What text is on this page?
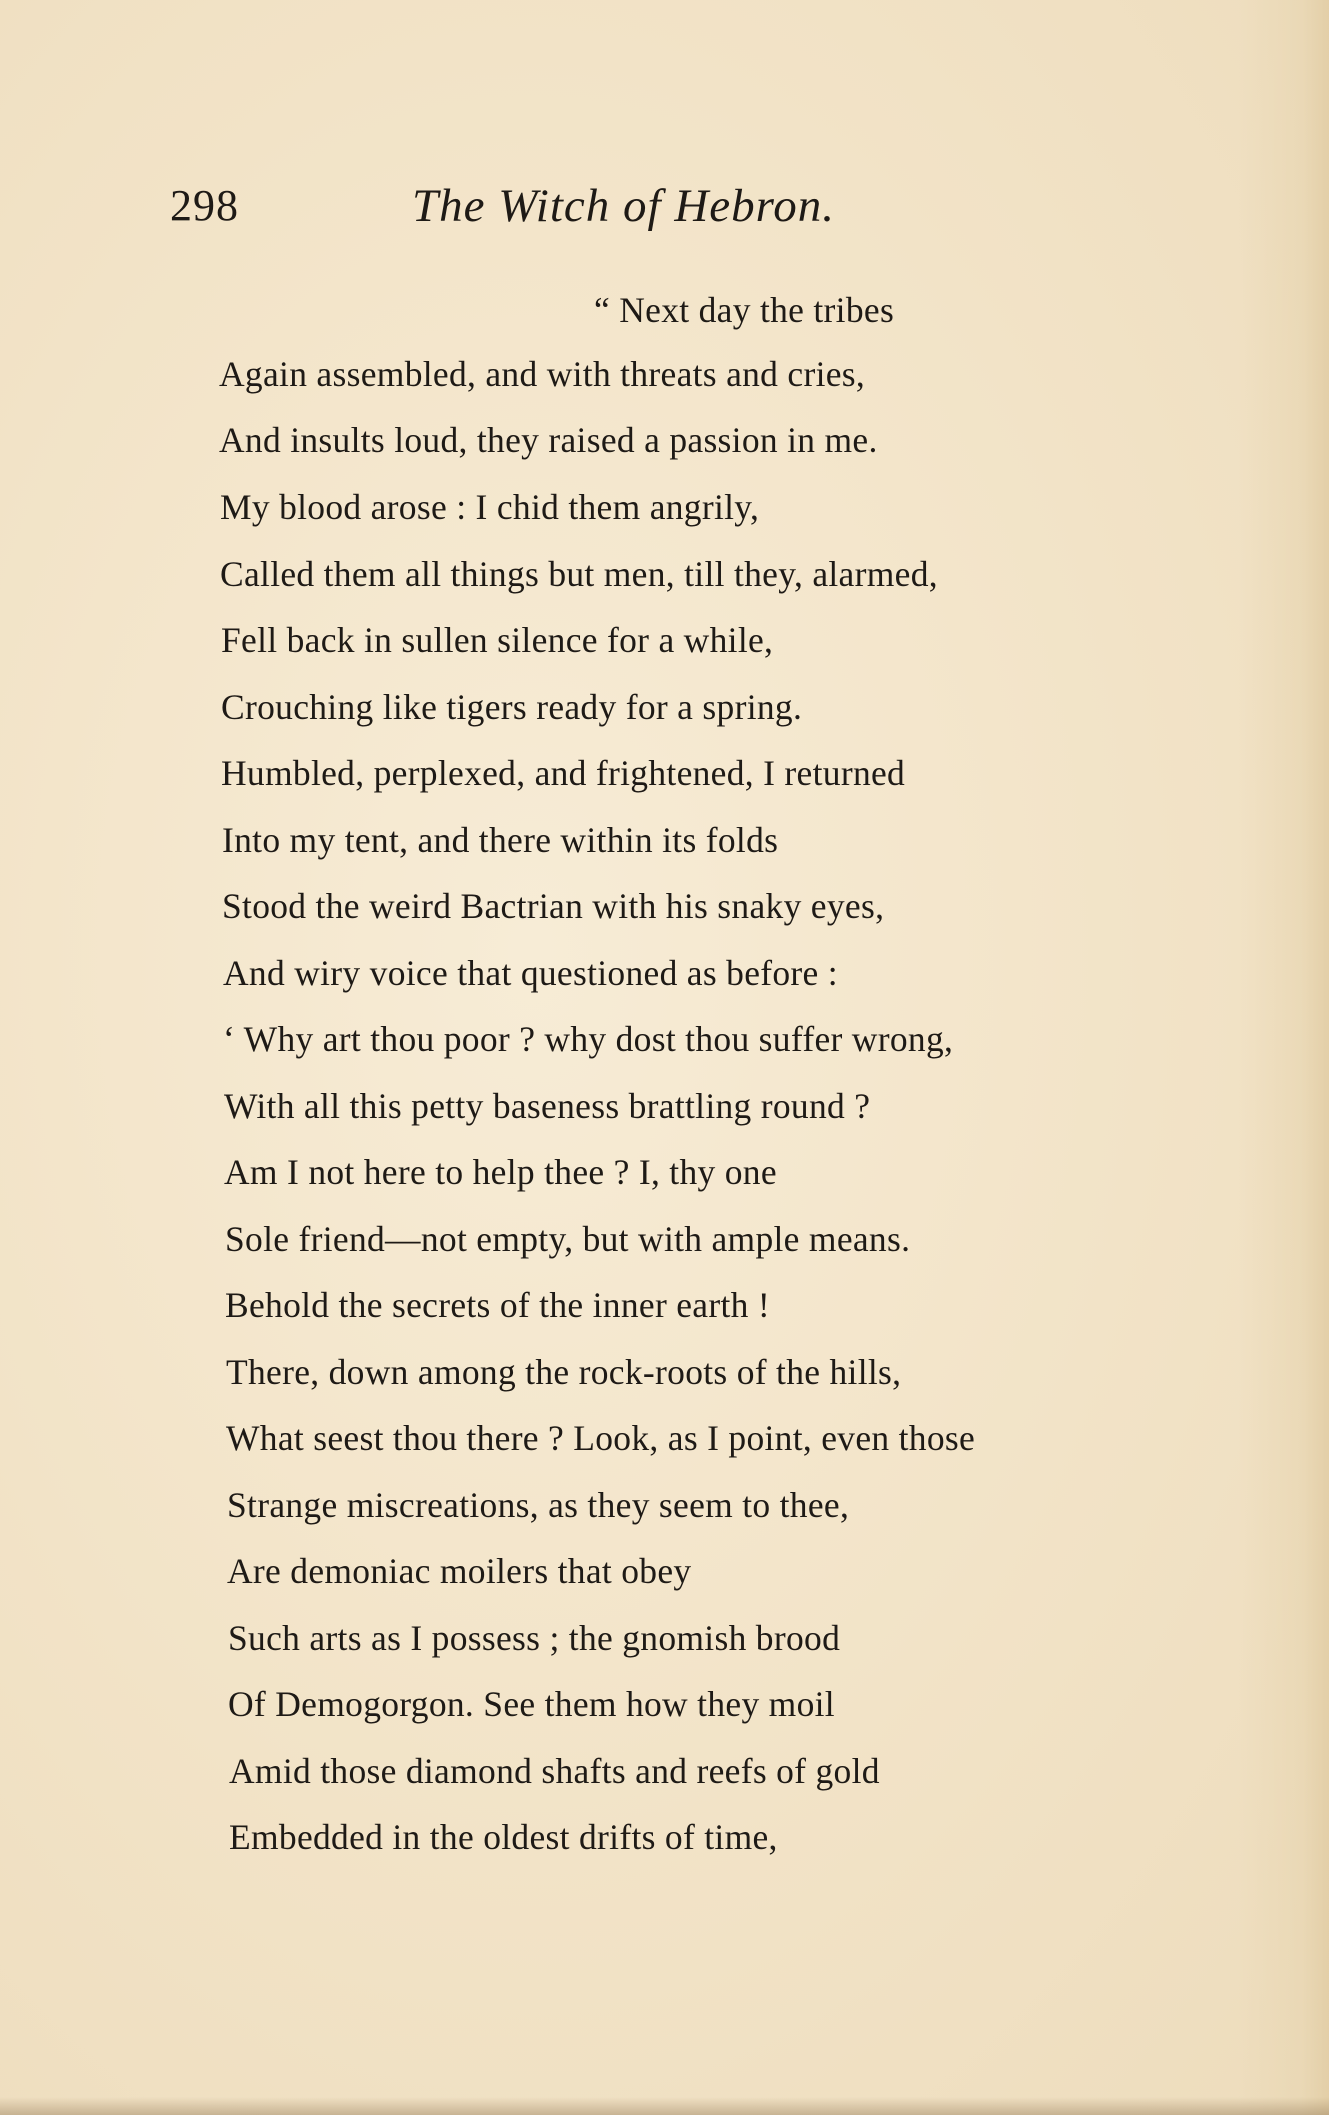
298	The Witch of Hebron.
“ Next day the tribes
Again assembled, and with threats and cries,
And insults loud, they raised a passion in me.
My blood arose : I chid them angrily,
Called them all things but men, till they, alarmed,
Fell back in sullen silence for a while,
Crouching like tigers ready for a spring.
Humbled, perplexed, and frightened, I returned
Into my tent, and there within its folds
Stood the weird Bactrian with his snaky eyes,
And wiry voice that questioned as before :
‘ Why art thou poor ? why dost thou suffer wrong,
With all this petty baseness brattling round ?
Am I not here to help thee ? I, thy one
Sole friend—not empty, but with ample means.
Behold the secrets of the inner earth !
There, down among the rock-roots of the hills,
What seest thou there ? Look, as I point, even those
Strange miscreations, as they seem to thee,
Are demoniac moilers that obey
Such arts as I possess ; the gnomish brood
Of Demogorgon. See them how they moil
Amid those diamond shafts and reefs of gold
Embedded in the oldest drifts of time,
